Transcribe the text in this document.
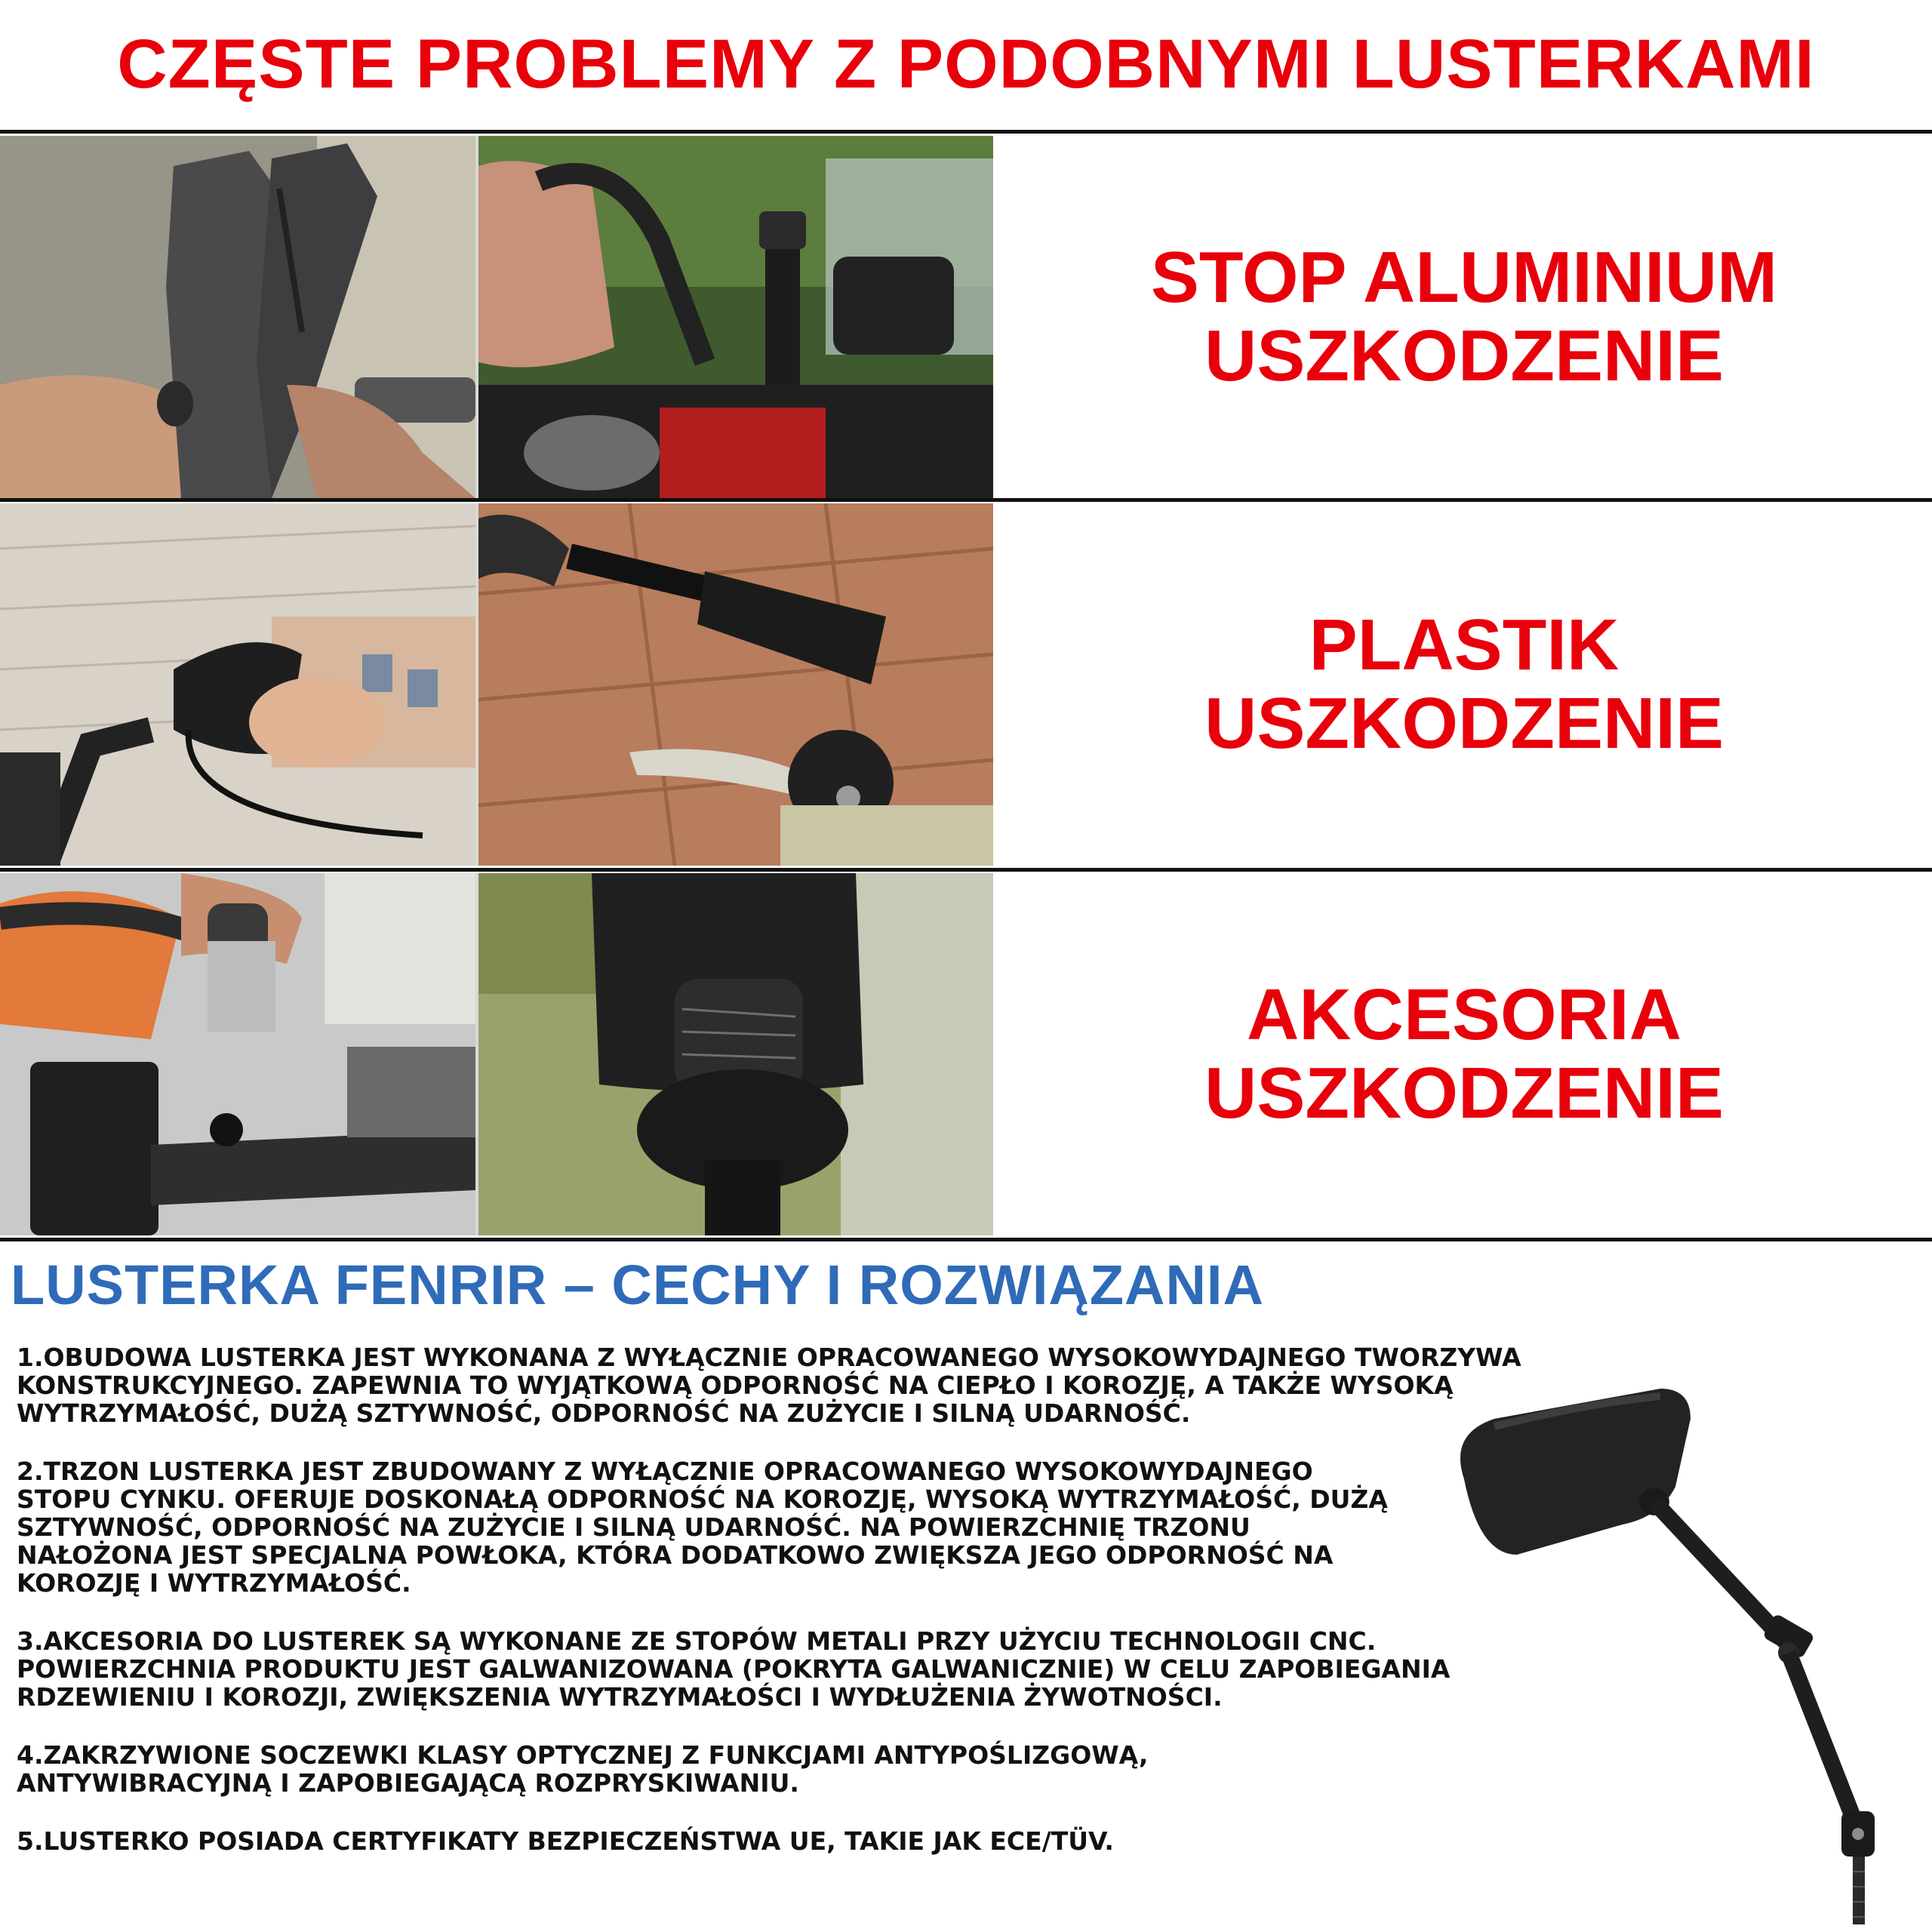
CZĘSTE PROBLEMY Z PODOBNYMI LUSTERKAMI
STOP ALUMINIUM
USZKODZENIE
PLASTIK
USZKODZENIE
AKCESORIA
USZKODZENIE
LUSTERKA FENRIR – CECHY I ROZWIĄZANIA

1.OBUDOWA LUSTERKA JEST WYKONANA Z WYŁĄCZNIE OPRACOWANEGO WYSOKOWYDAJNEGO TWORZYWA KONSTRUKCYJNEGO. ZAPEWNIA TO WYJĄTKOWĄ ODPORNOŚĆ NA CIEPŁO I KOROZJĘ, A TAKŻE WYSOKĄ WYTRZYMAŁOŚĆ, DUŻĄ SZTYWNOŚĆ, ODPORNOŚĆ NA ZUŻYCIE I SILNĄ UDARNOŚĆ.

2.TRZON LUSTERKA JEST ZBUDOWANY Z WYŁĄCZNIE OPRACOWANEGO WYSOKOWYDAJNEGO STOPU CYNKU. OFERUJE DOSKONAŁĄ ODPORNOŚĆ NA KOROZJĘ, WYSOKĄ WYTRZYMAŁOŚĆ, DUŻĄ SZTYWNOŚĆ, ODPORNOŚĆ NA ZUŻYCIE I SILNĄ UDARNOŚĆ. NA POWIERZCHNIĘ TRZONU NAŁOŻONA JEST SPECJALNA POWŁOKA, KTÓRA DODATKOWO ZWIĘKSZA JEGO ODPORNOŚĆ NA KOROZJĘ I WYTRZYMAŁOŚĆ.

3.AKCESORIA DO LUSTEREK SĄ WYKONANE ZE STOPÓW METALI PRZY UŻYCIU TECHNOLOGII CNC. POWIERZCHNIA PRODUKTU JEST GALWANIZOWANA (POKRYTA GALWANICZNIE) W CELU ZAPOBIEGANIA RDZEWIENIU I KOROZJI, ZWIĘKSZENIA WYTRZYMAŁOŚCI I WYDŁUŻENIA ŻYWOTNOŚCI.

4.ZAKRZYWIONE SOCZEWKI KLASY OPTYCZNEJ Z FUNKCJAMI ANTYPOŚLIZGOWĄ, ANTYWIBRACYJNĄ I ZAPOBIEGAJĄCĄ ROZPRYSKIWANIU.

5.LUSTERKO POSIADA CERTYFIKATY BEZPIECZEŃSTWA UE, TAKIE JAK ECE/TÜV.
